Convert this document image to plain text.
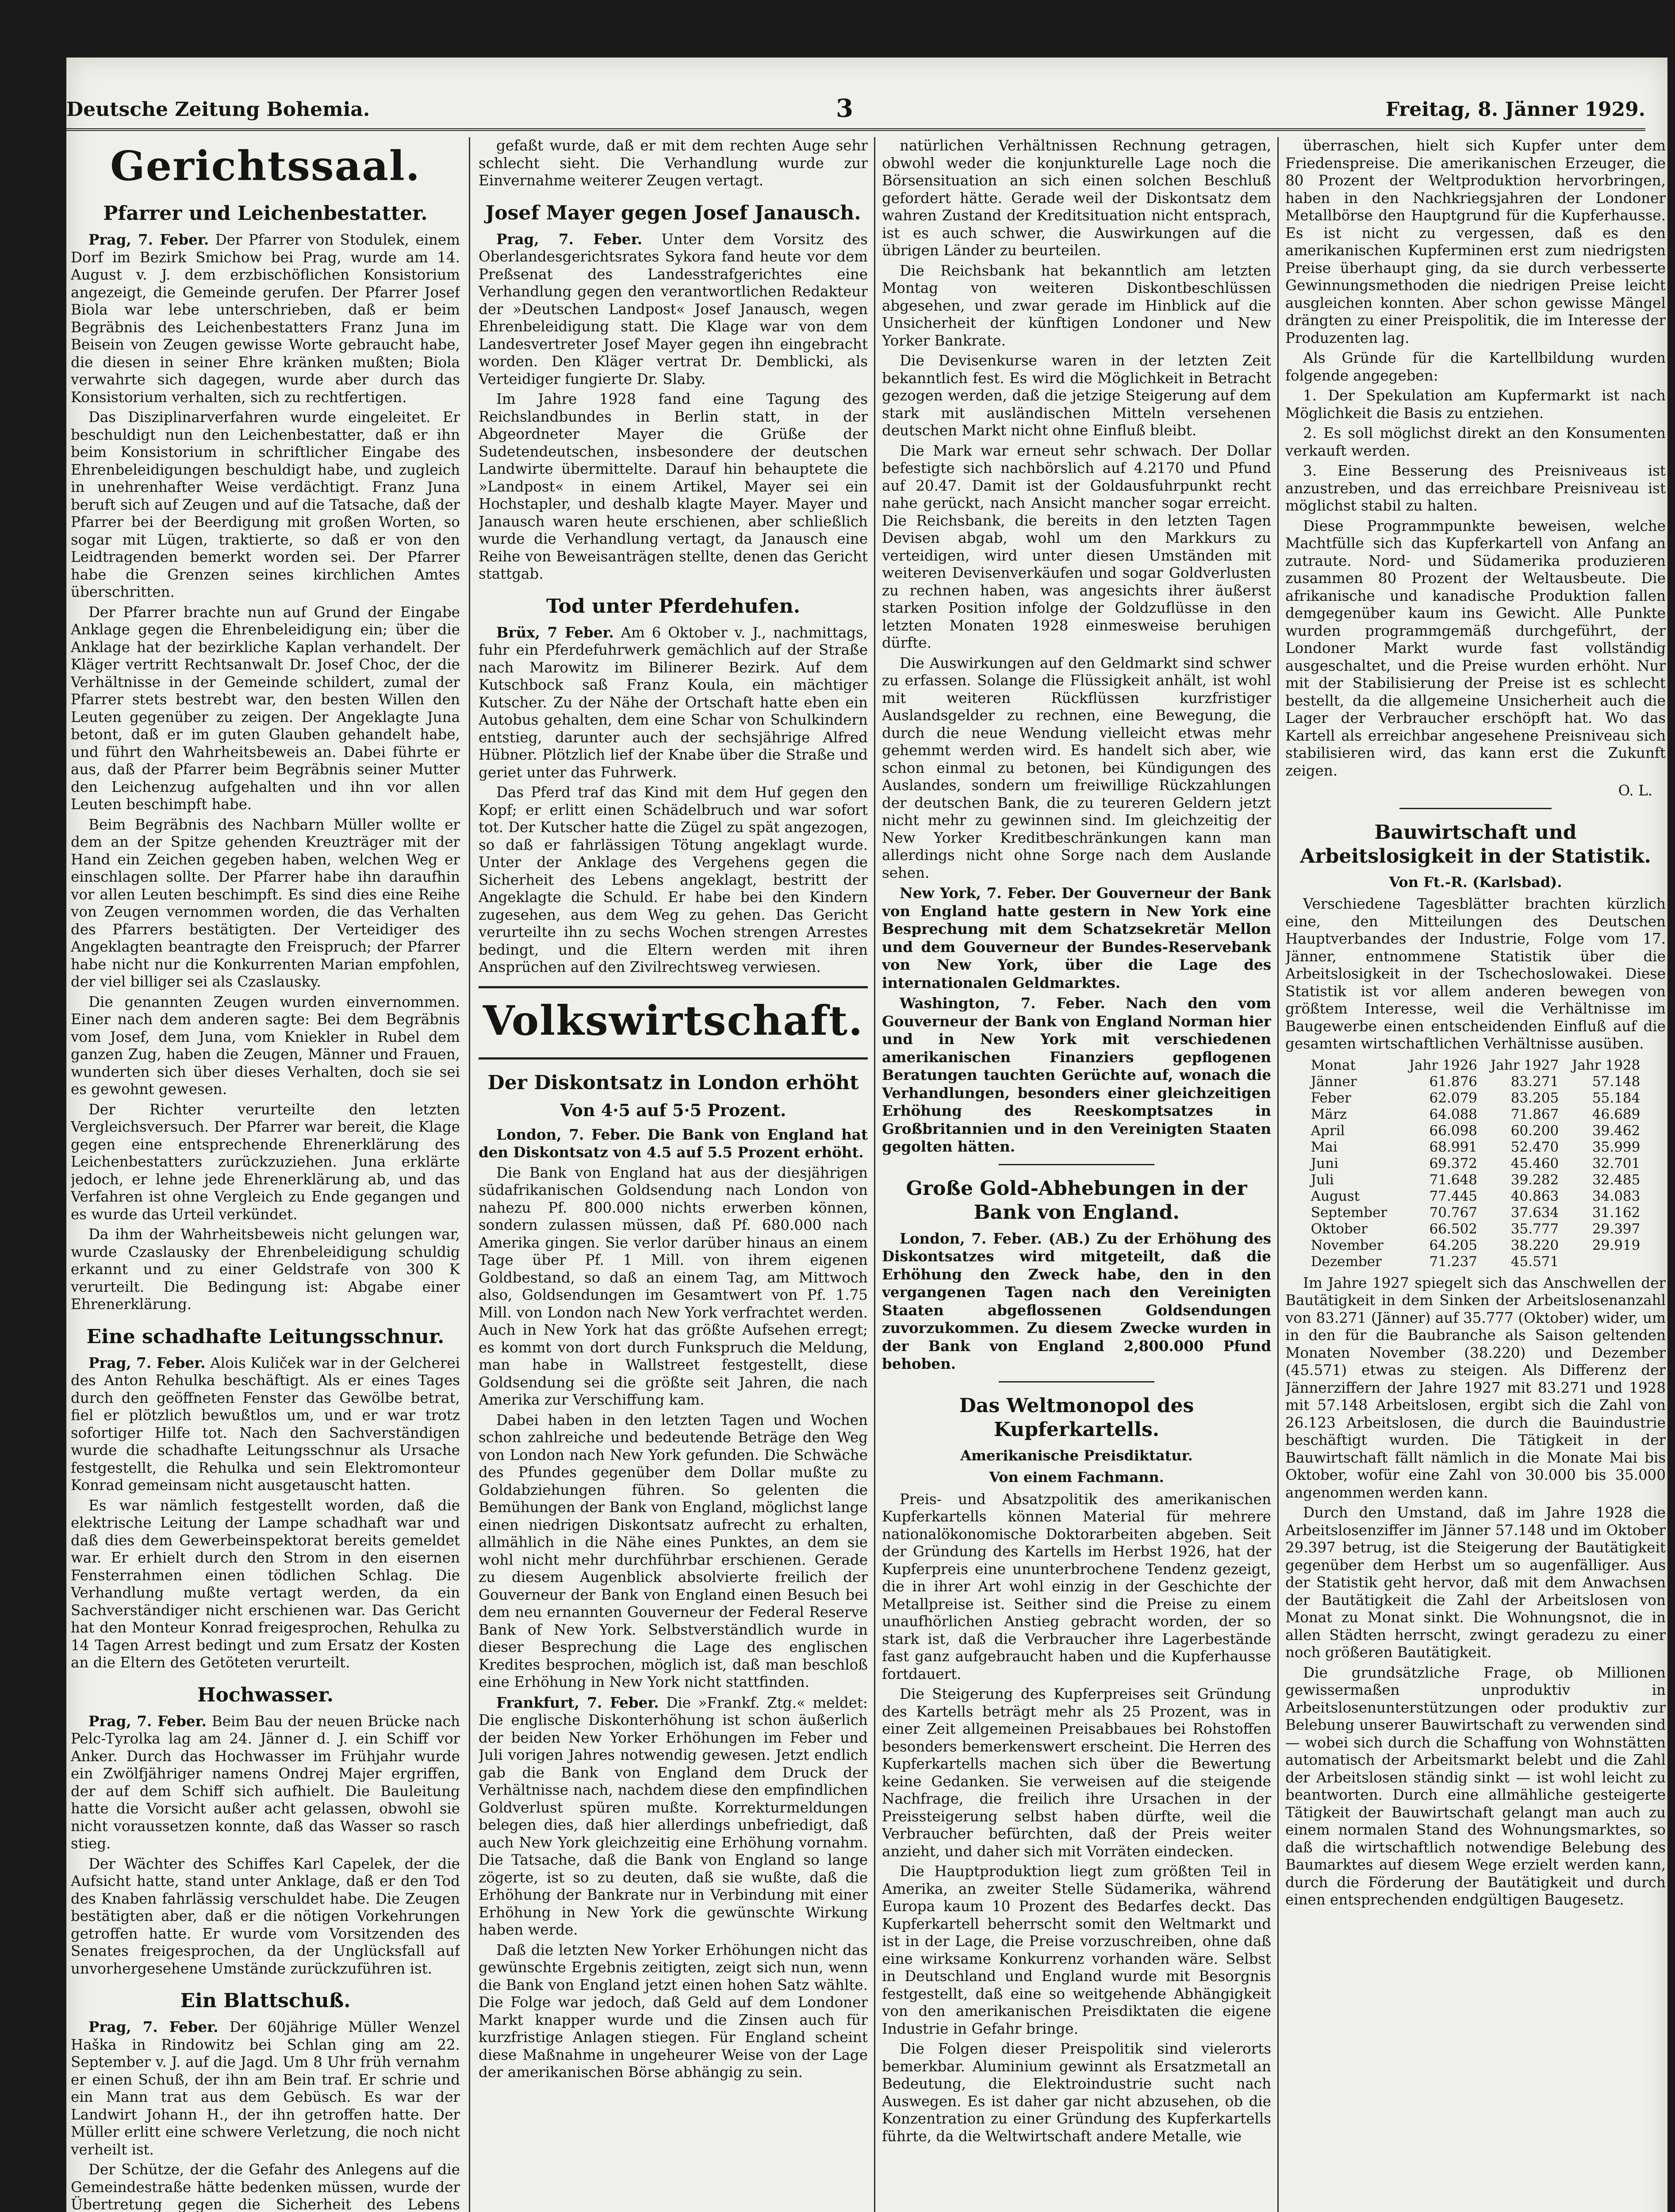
Deutsche Zeitung Bohemia.	3	Freitag, 8. Jänner 1929.
Gerichtssaal.
Pfarrer und Leichenbestatter.

Prag, 7. Feber. Der Pfarrer von Stodulek, einem Dorf im Bezirk Smichow bei Prag, wurde am 14. August v. J. dem erzbischöflichen Konsistorium angezeigt, die Gemeinde gerufen. Der Pfarrer Josef Biola war lebe unterschrieben, daß er beim Begräbnis des Leichenbestatters Franz Juna im Beisein von Zeugen gewisse Worte gebraucht habe, die diesen in seiner Ehre kränken mußten; Biola verwahrte sich dagegen, wurde aber durch das Konsistorium verhalten, sich zu rechtfertigen.

Das Disziplinarverfahren wurde eingeleitet. Er beschuldigt nun den Leichenbestatter, daß er ihn beim Konsistorium in schriftlicher Eingabe des Ehrenbeleidigungen beschuldigt habe, und zugleich in unehrenhafter Weise verdächtigt. Franz Juna beruft sich auf Zeugen und auf die Tatsache, daß der Pfarrer bei der Beerdigung mit großen Worten, so sogar mit Lügen, traktierte, so daß er von den Leidtragenden bemerkt worden sei. Der Pfarrer habe die Grenzen seines kirchlichen Amtes überschritten.

Der Pfarrer brachte nun auf Grund der Eingabe Anklage gegen die Ehrenbeleidigung ein; über die Anklage hat der bezirkliche Kaplan verhandelt. Der Kläger vertritt Rechtsanwalt Dr. Josef Choc, der die Verhältnisse in der Gemeinde schildert, zumal der Pfarrer stets bestrebt war, den besten Willen den Leuten gegenüber zu zeigen. Der Angeklagte Juna betont, daß er im guten Glauben gehandelt habe, und führt den Wahrheitsbeweis an. Dabei führte er aus, daß der Pfarrer beim Begräbnis seiner Mutter den Leichenzug aufgehalten und ihn vor allen Leuten beschimpft habe.

Beim Begräbnis des Nachbarn Müller wollte er dem an der Spitze gehenden Kreuzträger mit der Hand ein Zeichen gegeben haben, welchen Weg er einschlagen sollte. Der Pfarrer habe ihn daraufhin vor allen Leuten beschimpft. Es sind dies eine Reihe von Zeugen vernommen worden, die das Verhalten des Pfarrers bestätigten. Der Verteidiger des Angeklagten beantragte den Freispruch; der Pfarrer habe nicht nur die Konkurrenten Marian empfohlen, der viel billiger sei als Czaslausky.

Die genannten Zeugen wurden einvernommen. Einer nach dem anderen sagte: Bei dem Begräbnis vom Josef, dem Juna, vom Kniekler in Rubel dem ganzen Zug, haben die Zeugen, Männer und Frauen, wunderten sich über dieses Verhalten, doch sie sei es gewohnt gewesen.

Der Richter verurteilte den letzten Vergleichsversuch. Der Pfarrer war bereit, die Klage gegen eine entsprechende Ehrenerklärung des Leichenbestatters zurückzuziehen. Juna erklärte jedoch, er lehne jede Ehrenerklärung ab, und das Verfahren ist ohne Vergleich zu Ende gegangen und es wurde das Urteil verkündet.

Da ihm der Wahrheitsbeweis nicht gelungen war, wurde Czaslausky der Ehrenbeleidigung schuldig erkannt und zu einer Geldstrafe von 300 K verurteilt. Die Bedingung ist: Abgabe einer Ehrenerklärung.

Eine schadhafte Leitungsschnur.

Prag, 7. Feber. Alois Kuliček war in der Gelcherei des Anton Rehulka beschäftigt. Als er eines Tages durch den geöffneten Fenster das Gewölbe betrat, fiel er plötzlich bewußtlos um, und er war trotz sofortiger Hilfe tot. Nach den Sachverständigen wurde die schadhafte Leitungsschnur als Ursache festgestellt, die Rehulka und sein Elektromonteur Konrad gemeinsam nicht ausgetauscht hatten.

Es war nämlich festgestellt worden, daß die elektrische Leitung der Lampe schadhaft war und daß dies dem Gewerbeinspektorat bereits gemeldet war. Er erhielt durch den Strom in den eisernen Fensterrahmen einen tödlichen Schlag. Die Verhandlung mußte vertagt werden, da ein Sachverständiger nicht erschienen war. Das Gericht hat den Monteur Konrad freigesprochen, Rehulka zu 14 Tagen Arrest bedingt und zum Ersatz der Kosten an die Eltern des Getöteten verurteilt.

Hochwasser.

Prag, 7. Feber. Beim Bau der neuen Brücke nach Pelc-Tyrolka lag am 24. Jänner d. J. ein Schiff vor Anker. Durch das Hochwasser im Frühjahr wurde ein Zwölfjähriger namens Ondrej Majer ergriffen, der auf dem Schiff sich aufhielt. Die Bauleitung hatte die Vorsicht außer acht gelassen, obwohl sie nicht voraussetzen konnte, daß das Wasser so rasch stieg.

Der Wächter des Schiffes Karl Capelek, der die Aufsicht hatte, stand unter Anklage, daß er den Tod des Knaben fahrlässig verschuldet habe. Die Zeugen bestätigten aber, daß er die nötigen Vorkehrungen getroffen hatte. Er wurde vom Vorsitzenden des Senates freigesprochen, da der Unglücksfall auf unvorhergesehene Umstände zurückzuführen ist.

Ein Blattschuß.

Prag, 7. Feber. Der 60jährige Müller Wenzel Haška in Rindowitz bei Schlan ging am 22. September v. J. auf die Jagd. Um 8 Uhr früh vernahm er einen Schuß, der ihn am Bein traf. Er schrie und ein Mann trat aus dem Gebüsch. Es war der Landwirt Johann H., der ihn getroffen hatte. Der Müller erlitt eine schwere Verletzung, die noch nicht verheilt ist.

Der Schütze, der die Gefahr des Anlegens auf die Gemeindestraße hätte bedenken müssen, wurde der Übertretung gegen die Sicherheit des Lebens

gefaßt wurde, daß er mit dem rechten Auge sehr schlecht sieht. Die Verhandlung wurde zur Einvernahme weiterer Zeugen vertagt.

Josef Mayer gegen Josef Janausch.

Prag, 7. Feber. Unter dem Vorsitz des Oberlandesgerichtsrates Sykora fand heute vor dem Preßsenat des Landesstrafgerichtes eine Verhandlung gegen den verantwortlichen Redakteur der »Deutschen Landpost« Josef Janausch, wegen Ehrenbeleidigung statt. Die Klage war von dem Landesvertreter Josef Mayer gegen ihn eingebracht worden. Den Kläger vertrat Dr. Demblicki, als Verteidiger fungierte Dr. Slaby.

Im Jahre 1928 fand eine Tagung des Reichslandbundes in Berlin statt, in der Abgeordneter Mayer die Grüße der Sudetendeutschen, insbesondere der deutschen Landwirte übermittelte. Darauf hin behauptete die »Landpost« in einem Artikel, Mayer sei ein Hochstapler, und deshalb klagte Mayer. Mayer und Janausch waren heute erschienen, aber schließlich wurde die Verhandlung vertagt, da Janausch eine Reihe von Beweisanträgen stellte, denen das Gericht stattgab.

Tod unter Pferdehufen.

Brüx, 7 Feber. Am 6 Oktober v. J., nachmittags, fuhr ein Pferdefuhrwerk gemächlich auf der Straße nach Marowitz im Bilinerer Bezirk. Auf dem Kutschbock saß Franz Koula, ein mächtiger Kutscher. Zu der Nähe der Ortschaft hatte eben ein Autobus gehalten, dem eine Schar von Schulkindern entstieg, darunter auch der sechsjährige Alfred Hübner. Plötzlich lief der Knabe über die Straße und geriet unter das Fuhrwerk.

Das Pferd traf das Kind mit dem Huf gegen den Kopf; er erlitt einen Schädelbruch und war sofort tot. Der Kutscher hatte die Zügel zu spät angezogen, so daß er fahrlässigen Tötung angeklagt wurde. Unter der Anklage des Vergehens gegen die Sicherheit des Lebens angeklagt, bestritt der Angeklagte die Schuld. Er habe bei den Kindern zugesehen, aus dem Weg zu gehen. Das Gericht verurteilte ihn zu sechs Wochen strengen Arrestes bedingt, und die Eltern werden mit ihren Ansprüchen auf den Zivilrechtsweg verwiesen.

Volkswirtschaft.
Der Diskontsatz in London erhöht
Von 4·5 auf 5·5 Prozent.

London, 7. Feber. Die Bank von England hat den Diskontsatz von 4.5 auf 5.5 Prozent erhöht.

Die Bank von England hat aus der diesjährigen südafrikanischen Goldsendung nach London von nahezu Pf. 800.000 nichts erwerben können, sondern zulassen müssen, daß Pf. 680.000 nach Amerika gingen. Sie verlor darüber hinaus an einem Tage über Pf. 1 Mill. von ihrem eigenen Goldbestand, so daß an einem Tag, am Mittwoch also, Goldsendungen im Gesamtwert von Pf. 1.75 Mill. von London nach New York verfrachtet werden. Auch in New York hat das größte Aufsehen erregt; es kommt von dort durch Funkspruch die Meldung, man habe in Wallstreet festgestellt, diese Goldsendung sei die größte seit Jahren, die nach Amerika zur Verschiffung kam.

Dabei haben in den letzten Tagen und Wochen schon zahlreiche und bedeutende Beträge den Weg von London nach New York gefunden. Die Schwäche des Pfundes gegenüber dem Dollar mußte zu Goldabziehungen führen. So gelenten die Bemühungen der Bank von England, möglichst lange einen niedrigen Diskontsatz aufrecht zu erhalten, allmählich in die Nähe eines Punktes, an dem sie wohl nicht mehr durchführbar erschienen. Gerade zu diesem Augenblick absolvierte freilich der Gouverneur der Bank von England einen Besuch bei dem neu ernannten Gouverneur der Federal Reserve Bank of New York. Selbstverständlich wurde in dieser Besprechung die Lage des englischen Kredites besprochen, möglich ist, daß man beschloß eine Erhöhung in New York nicht stattfinden.

Frankfurt, 7. Feber. Die »Frankf. Ztg.« meldet: Die englische Diskonterhöhung ist schon äußerlich der beiden New Yorker Erhöhungen im Feber und Juli vorigen Jahres notwendig gewesen. Jetzt endlich gab die Bank von England dem Druck der Verhältnisse nach, nachdem diese den empfindlichen Goldverlust spüren mußte. Korrekturmeldungen belegen dies, daß hier allerdings unbefriedigt, daß auch New York gleichzeitig eine Erhöhung vornahm. Die Tatsache, daß die Bank von England so lange zögerte, ist so zu deuten, daß sie wußte, daß die Erhöhung der Bankrate nur in Verbindung mit einer Erhöhung in New York die gewünschte Wirkung haben werde.

Daß die letzten New Yorker Erhöhungen nicht das gewünschte Ergebnis zeitigten, zeigt sich nun, wenn die Bank von England jetzt einen hohen Satz wählte. Die Folge war jedoch, daß Geld auf dem Londoner Markt knapper wurde und die Zinsen auch für kurzfristige Anlagen stiegen. Für England scheint diese Maßnahme in ungeheurer Weise von der Lage der amerikanischen Börse abhängig zu sein.

natürlichen Verhältnissen Rechnung getragen, obwohl weder die konjunkturelle Lage noch die Börsensituation an sich einen solchen Beschluß gefordert hätte. Gerade weil der Diskontsatz dem wahren Zustand der Kreditsituation nicht entsprach, ist es auch schwer, die Auswirkungen auf die übrigen Länder zu beurteilen.

Die Reichsbank hat bekanntlich am letzten Montag von weiteren Diskontbeschlüssen abgesehen, und zwar gerade im Hinblick auf die Unsicherheit der künftigen Londoner und New Yorker Bankrate.

Die Devisenkurse waren in der letzten Zeit bekanntlich fest. Es wird die Möglichkeit in Betracht gezogen werden, daß die jetzige Steigerung auf dem stark mit ausländischen Mitteln versehenen deutschen Markt nicht ohne Einfluß bleibt.

Die Mark war erneut sehr schwach. Der Dollar befestigte sich nachbörslich auf 4.2170 und Pfund auf 20.47. Damit ist der Goldausfuhrpunkt recht nahe gerückt, nach Ansicht mancher sogar erreicht. Die Reichsbank, die bereits in den letzten Tagen Devisen abgab, wohl um den Markkurs zu verteidigen, wird unter diesen Umständen mit weiteren Devisenverkäufen und sogar Goldverlusten zu rechnen haben, was angesichts ihrer äußerst starken Position infolge der Goldzuflüsse in den letzten Monaten 1928 einmesweise beruhigen dürfte.

Die Auswirkungen auf den Geldmarkt sind schwer zu erfassen. Solange die Flüssigkeit anhält, ist wohl mit weiteren Rückflüssen kurzfristiger Auslandsgelder zu rechnen, eine Bewegung, die durch die neue Wendung vielleicht etwas mehr gehemmt werden wird. Es handelt sich aber, wie schon einmal zu betonen, bei Kündigungen des Auslandes, sondern um freiwillige Rückzahlungen der deutschen Bank, die zu teureren Geldern jetzt nicht mehr zu gewinnen sind. Im gleichzeitig der New Yorker Kreditbeschränkungen kann man allerdings nicht ohne Sorge nach dem Auslande sehen.

New York, 7. Feber. Der Gouverneur der Bank von England hatte gestern in New York eine Besprechung mit dem Schatzsekretär Mellon und dem Gouverneur der Bundes-Reservebank von New York, über die Lage des internationalen Geldmarktes.

Washington, 7. Feber. Nach den vom Gouverneur der Bank von England Norman hier und in New York mit verschiedenen amerikanischen Finanziers gepflogenen Beratungen tauchten Gerüchte auf, wonach die Verhandlungen, besonders einer gleichzeitigen Erhöhung des Reeskomptsatzes in Großbritannien und in den Vereinigten Staaten gegolten hätten.

Große Gold-Abhebungen in der Bank von England.

London, 7. Feber. (AB.) Zu der Erhöhung des Diskontsatzes wird mitgeteilt, daß die Erhöhung den Zweck habe, den in den vergangenen Tagen nach den Vereinigten Staaten abgeflossenen Goldsendungen zuvorzukommen. Zu diesem Zwecke wurden in der Bank von England 2,800.000 Pfund behoben.

Das Weltmonopol des Kupferkartells.
Amerikanische Preisdiktatur.
Von einem Fachmann.

Preis- und Absatzpolitik des amerikanischen Kupferkartells können Material für mehrere nationalökonomische Doktorarbeiten abgeben. Seit der Gründung des Kartells im Herbst 1926, hat der Kupferpreis eine ununterbrochene Tendenz gezeigt, die in ihrer Art wohl einzig in der Geschichte der Metallpreise ist. Seither sind die Preise zu einem unaufhörlichen Anstieg gebracht worden, der so stark ist, daß die Verbraucher ihre Lagerbestände fast ganz aufgebraucht haben und die Kupferhausse fortdauert.

Die Steigerung des Kupferpreises seit Gründung des Kartells beträgt mehr als 25 Prozent, was in einer Zeit allgemeinen Preisabbaues bei Rohstoffen besonders bemerkenswert erscheint. Die Herren des Kupferkartells machen sich über die Bewertung keine Gedanken. Sie verweisen auf die steigende Nachfrage, die freilich ihre Ursachen in der Preissteigerung selbst haben dürfte, weil die Verbraucher befürchten, daß der Preis weiter anzieht, und daher sich mit Vorräten eindecken.

Die Hauptproduktion liegt zum größten Teil in Amerika, an zweiter Stelle Südamerika, während Europa kaum 10 Prozent des Bedarfes deckt. Das Kupferkartell beherrscht somit den Weltmarkt und ist in der Lage, die Preise vorzuschreiben, ohne daß eine wirksame Konkurrenz vorhanden wäre. Selbst in Deutschland und England wurde mit Besorgnis festgestellt, daß eine so weitgehende Abhängigkeit von den amerikanischen Preisdiktaten die eigene Industrie in Gefahr bringe.

Die Folgen dieser Preispolitik sind vielerorts bemerkbar. Aluminium gewinnt als Ersatzmetall an Bedeutung, die Elektroindustrie sucht nach Auswegen. Es ist daher gar nicht abzusehen, ob die Konzentration zu einer Gründung des Kupferkartells führte, da die Weltwirtschaft andere Metalle, wie

überraschen, hielt sich Kupfer unter dem Friedenspreise. Die amerikanischen Erzeuger, die 80 Prozent der Weltproduktion hervorbringen, haben in den Nachkriegsjahren der Londoner Metallbörse den Hauptgrund für die Kupferhausse. Es ist nicht zu vergessen, daß es den amerikanischen Kupferminen erst zum niedrigsten Preise überhaupt ging, da sie durch verbesserte Gewinnungsmethoden die niedrigen Preise leicht ausgleichen konnten. Aber schon gewisse Mängel drängten zu einer Preispolitik, die im Interesse der Produzenten lag.

Als Gründe für die Kartellbildung wurden folgende angegeben:

1. Der Spekulation am Kupfermarkt ist nach Möglichkeit die Basis zu entziehen.

2. Es soll möglichst direkt an den Konsumenten verkauft werden.

3. Eine Besserung des Preisniveaus ist anzustreben, und das erreichbare Preisniveau ist möglichst stabil zu halten.

Diese Programmpunkte beweisen, welche Machtfülle sich das Kupferkartell von Anfang an zutraute. Nord- und Südamerika produzieren zusammen 80 Prozent der Weltausbeute. Die afrikanische und kanadische Produktion fallen demgegenüber kaum ins Gewicht. Alle Punkte wurden programmgemäß durchgeführt, der Londoner Markt wurde fast vollständig ausgeschaltet, und die Preise wurden erhöht. Nur mit der Stabilisierung der Preise ist es schlecht bestellt, da die allgemeine Unsicherheit auch die Lager der Verbraucher erschöpft hat. Wo das Kartell als erreichbar angesehene Preisniveau sich stabilisieren wird, das kann erst die Zukunft zeigen.

O. L.
Bauwirtschaft und Arbeitslosigkeit in der Statistik.
Von Ft.-R. (Karlsbad).

Verschiedene Tagesblätter brachten kürzlich eine, den Mitteilungen des Deutschen Hauptverbandes der Industrie, Folge vom 17. Jänner, entnommene Statistik über die Arbeitslosigkeit in der Tschechoslowakei. Diese Statistik ist vor allem anderen bewegen von größtem Interesse, weil die Verhältnisse im Baugewerbe einen entscheidenden Einfluß auf die gesamten wirtschaftlichen Verhältnisse ausüben.

Monat	Jahr 1926	Jahr 1927	Jahr 1928
Jänner	61.876	83.271	57.148
Feber	62.079	83.205	55.184
März	64.088	71.867	46.689
April	66.098	60.200	39.462
Mai	68.991	52.470	35.999
Juni	69.372	45.460	32.701
Juli	71.648	39.282	32.485
August	77.445	40.863	34.083
September	70.767	37.634	31.162
Oktober	66.502	35.777	29.397
November	64.205	38.220	29.919
Dezember	71.237	45.571	

Im Jahre 1927 spiegelt sich das Anschwellen der Bautätigkeit in dem Sinken der Arbeitslosenanzahl von 83.271 (Jänner) auf 35.777 (Oktober) wider, um in den für die Baubranche als Saison geltenden Monaten November (38.220) und Dezember (45.571) etwas zu steigen. Als Differenz der Jännerziffern der Jahre 1927 mit 83.271 und 1928 mit 57.148 Arbeitslosen, ergibt sich die Zahl von 26.123 Arbeitslosen, die durch die Bauindustrie beschäftigt wurden. Die Tätigkeit in der Bauwirtschaft fällt nämlich in die Monate Mai bis Oktober, wofür eine Zahl von 30.000 bis 35.000 angenommen werden kann.

Durch den Umstand, daß im Jahre 1928 die Arbeitslosenziffer im Jänner 57.148 und im Oktober 29.397 betrug, ist die Steigerung der Bautätigkeit gegenüber dem Herbst um so augenfälliger. Aus der Statistik geht hervor, daß mit dem Anwachsen der Bautätigkeit die Zahl der Arbeitslosen von Monat zu Monat sinkt. Die Wohnungsnot, die in allen Städten herrscht, zwingt geradezu zu einer noch größeren Bautätigkeit.

Die grundsätzliche Frage, ob Millionen gewissermaßen unproduktiv in Arbeitslosenunterstützungen oder produktiv zur Belebung unserer Bauwirtschaft zu verwenden sind — wobei sich durch die Schaffung von Wohnstätten automatisch der Arbeitsmarkt belebt und die Zahl der Arbeitslosen ständig sinkt — ist wohl leicht zu beantworten. Durch eine allmähliche gesteigerte Tätigkeit der Bauwirtschaft gelangt man auch zu einem normalen Stand des Wohnungsmarktes, so daß die wirtschaftlich notwendige Belebung des Baumarktes auf diesem Wege erzielt werden kann, durch die Förderung der Bautätigkeit und durch einen entsprechenden endgültigen Baugesetz.
